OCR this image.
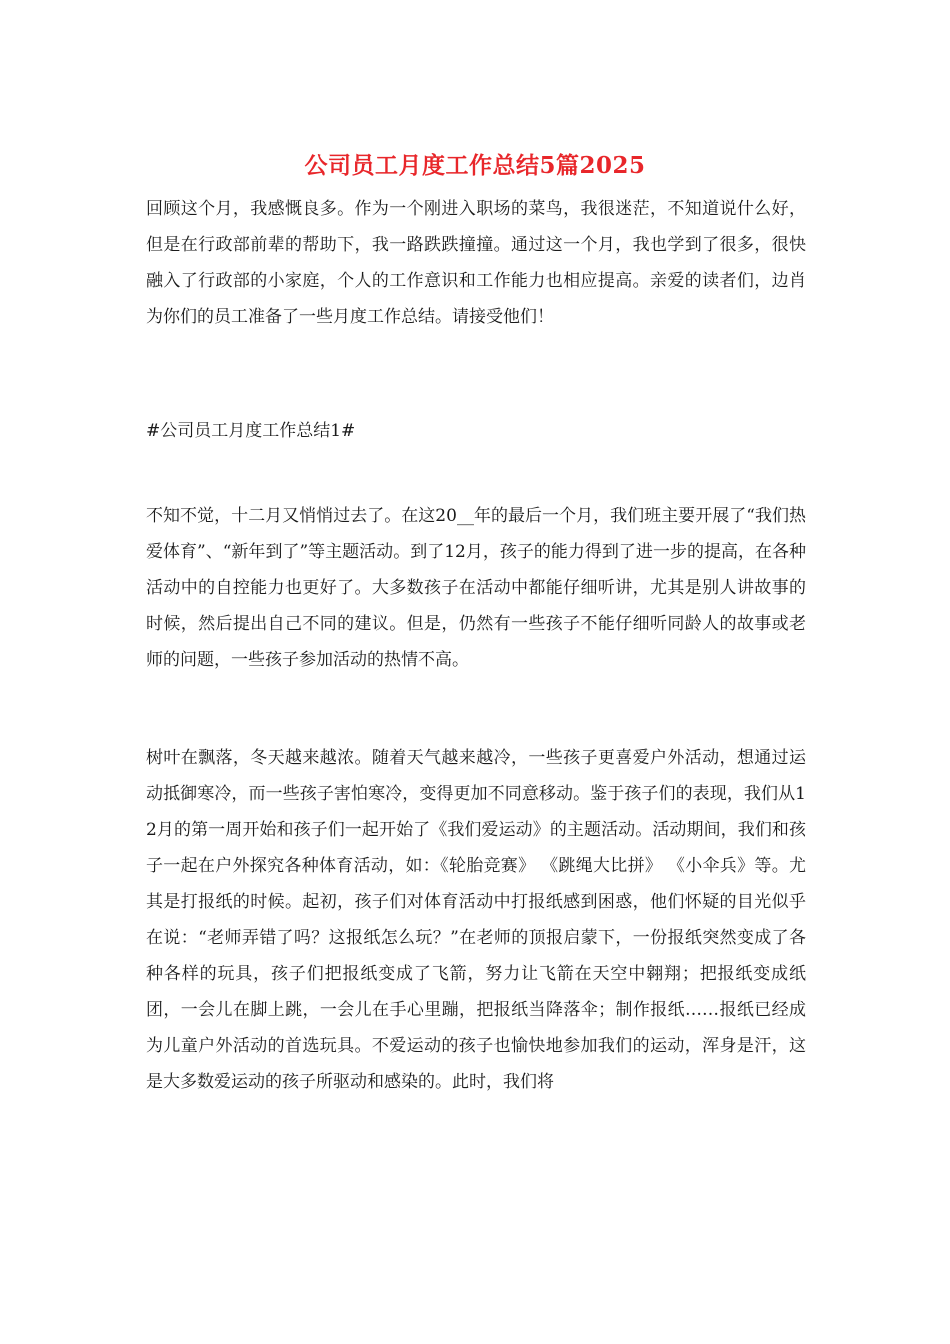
公司员工月度工作总结5篇2025

回顾这个月，我感慨良多。作为一个刚进入职场的菜鸟，我很迷茫，不知道说什么好，但是在行政部前辈的帮助下，我一路跌跌撞撞。通过这一个月，我也学到了很多，很快融入了行政部的小家庭，个人的工作意识和工作能力也相应提高。亲爱的读者们，边肖为你们的员工准备了一些月度工作总结。请接受他们！

#公司员工月度工作总结1#

不知不觉，十二月又悄悄过去了。在这20__年的最后一个月，我们班主要开展了“我们热爱体育”、“新年到了”等主题活动。到了12月，孩子的能力得到了进一步的提高，在各种活动中的自控能力也更好了。大多数孩子在活动中都能仔细听讲，尤其是别人讲故事的时候，然后提出自己不同的建议。但是，仍然有一些孩子不能仔细听同龄人的故事或老师的问题，一些孩子参加活动的热情不高。

树叶在飘落，冬天越来越浓。随着天气越来越冷，一些孩子更喜爱户外活动，想通过运动抵御寒冷，而一些孩子害怕寒冷，变得更加不同意移动。鉴于孩子们的表现，我们从12月的第一周开始和孩子们一起开始了《我们爱运动》的主题活动。活动期间，我们和孩子一起在户外探究各种体育活动，如：《轮胎竞赛》 《跳绳大比拼》 《小伞兵》等。尤其是打报纸的时候。起初，孩子们对体育活动中打报纸感到困惑，他们怀疑的目光似乎在说：“老师弄错了吗？这报纸怎么玩？”在老师的顶报启蒙下，一份报纸突然变成了各种各样的玩具，孩子们把报纸变成了飞箭，努力让飞箭在天空中翱翔；把报纸变成纸团，一会儿在脚上跳，一会儿在手心里蹦，把报纸当降落伞；制作报纸……报纸已经成为儿童户外活动的首选玩具。不爱运动的孩子也愉快地参加我们的运动，浑身是汗，这是大多数爱运动的孩子所驱动和感染的。此时，我们将
